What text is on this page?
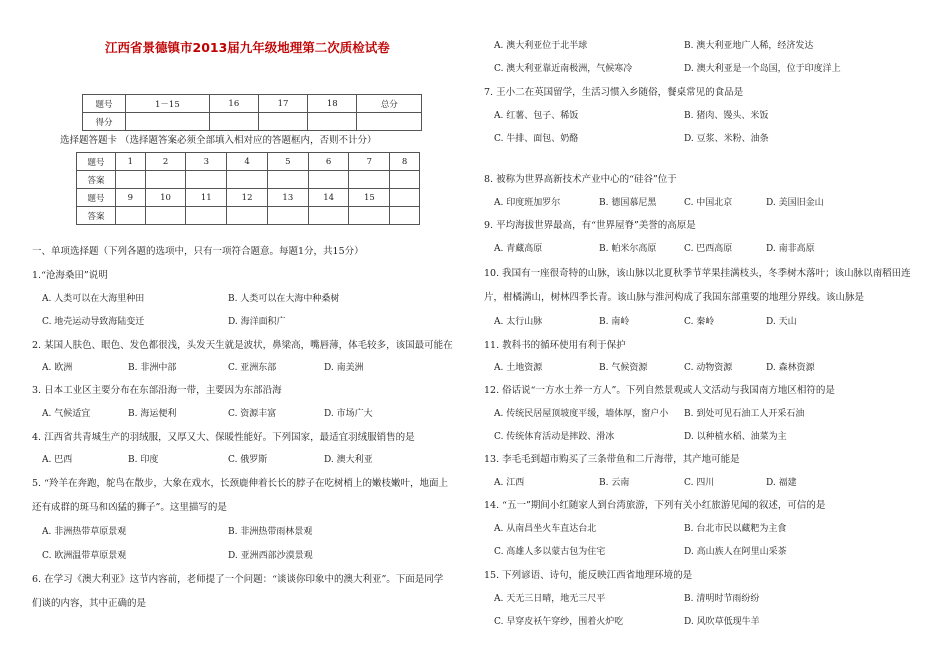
江西省景德镇市2013届九年级地理第二次质检试卷
题号	1－15	16	17	18	总分
得分					
选择题答题卡 （选择题答案必须全部填入相对应的答题框内，否则不计分）
题号	1	2	3	4	5	6	7	8
答案								
题号	9	10	11	12	13	14	15	
答案								
一、单项选择题（下列各题的选项中，只有一项符合题意。每题1分，共15分）
1.“沧海桑田”说明
A. 人类可以在大海里种田	B. 人类可以在大海中种桑树
C. 地壳运动导致海陆变迁	D. 海洋面积广
2. 某国人肤色、眼色、发色都很浅，头发天生就是波状，鼻梁高，嘴唇薄，体毛较多，该国最可能在
A. 欧洲	B. 非洲中部	C. 亚洲东部	D. 南美洲
3. 日本工业区主要分布在东部沿海一带，主要因为东部沿海
A. 气候适宜	B. 海运便利	C. 资源丰富	D. 市场广大
4. 江西省共青城生产的羽绒服，又厚又大、保暖性能好。下列国家，最适宜羽绒服销售的是
A. 巴西	B. 印度	C. 俄罗斯	D. 澳大利亚
5. “羚羊在奔跑，鸵鸟在散步，大象在戏水，长颈鹿伸着长长的脖子在吃树梢上的嫩枝嫩叶，地面上
还有成群的斑马和凶猛的狮子”。这里描写的是
A. 非洲热带草原景观	B. 非洲热带雨林景观
C. 欧洲温带草原景观	D. 亚洲西部沙漠景观
6. 在学习《澳大利亚》这节内容前，老师提了一个问题：“谈谈你印象中的澳大利亚”。下面是同学
们谈的内容，其中正确的是
A. 澳大利亚位于北半球	B. 澳大利亚地广人稀，经济发达
C. 澳大利亚靠近南极洲，气候寒冷	D. 澳大利亚是一个岛国，位于印度洋上
7. 王小二在英国留学，生活习惯入乡随俗，餐桌常见的食品是
A. 红薯、包子、稀饭	B. 猪肉、馒头、米饭
C. 牛排、面包、奶酪	D. 豆浆、米粉、油条
8. 被称为世界高新技术产业中心的“硅谷”位于
A. 印度班加罗尔	B. 德国慕尼黑	C. 中国北京	D. 美国旧金山
9. 平均海拔世界最高，有“世界屋脊”美誉的高原是
A. 青藏高原	B. 帕米尔高原	C. 巴西高原	D. 南非高原
10. 我国有一座很奇特的山脉，该山脉以北夏秋季节苹果挂满枝头，冬季树木落叶；该山脉以南稻田连
片，柑橘满山，树林四季长青。该山脉与淮河构成了我国东部重要的地理分界线。该山脉是
A. 太行山脉	B. 南岭	C. 秦岭	D. 天山
11. 教科书的循环使用有利于保护
A. 土地资源	B. 气候资源	C. 动物资源	D. 森林资源
12. 俗话说“一方水土养一方人”。下列自然景观或人文活动与我国南方地区相符的是
A. 传统民居屋顶坡度平缓，墙体厚，窗户小 B. 到处可见石油工人开采石油
C. 传统体育活动是摔跤、滑冰	D. 以种植水稻、油菜为主
13. 李毛毛到超市购买了三条带鱼和二斤海带，其产地可能是
A. 江西	B. 云南	C. 四川	D. 福建
14. “五一”期间小红随家人到台湾旅游，下列有关小红旅游见闻的叙述，可信的是
A. 从南昌坐火车直达台北	B. 台北市民以藏粑为主食
C. 高雄人多以蒙古包为住宅	D. 高山族人在阿里山采茶
15. 下列谚语、诗句，能反映江西省地理环境的是
A. 天无三日晴，地无三尺平	B. 清明时节雨纷纷
C. 早穿皮袄午穿纱，围着火炉吃	D. 风吹草低现牛羊
